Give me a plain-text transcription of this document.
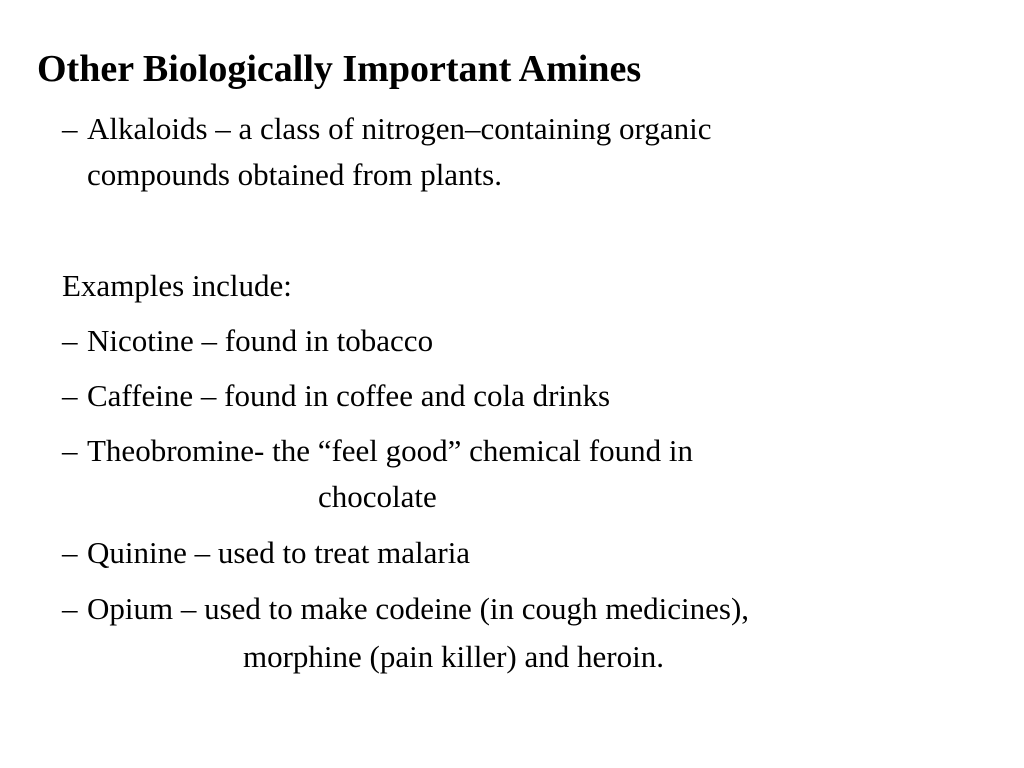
Other Biologically Important Amines
– Alkaloids – a class of nitrogen–containing organic
compounds obtained from plants.
Examples include:
– Nicotine – found in tobacco
– Caffeine – found in coffee and cola drinks
– Theobromine- the “feel good” chemical found in
chocolate
– Quinine – used to treat malaria
– Opium – used to make codeine (in cough medicines),
morphine (pain killer) and heroin.
